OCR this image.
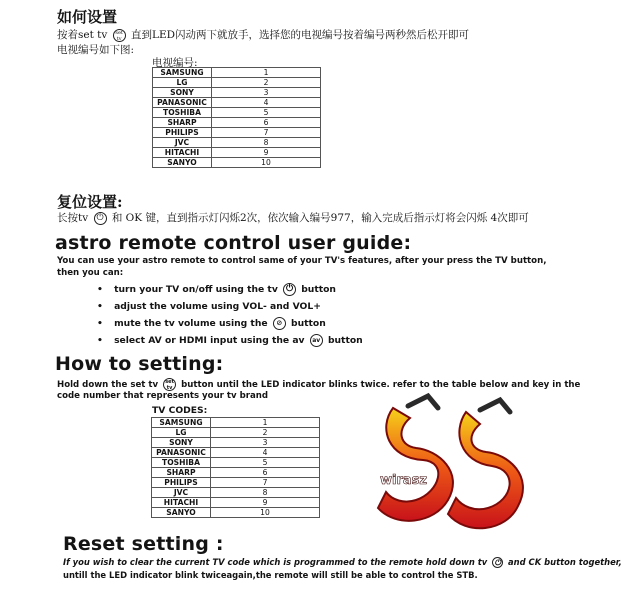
如何设置
按着set tv set
tv 直到LED闪动两下就放手，选择您的电视编号按着编号两秒然后松开即可
电视编号如下图:
电视编号:
SAMSUNG	1
LG	2
SONY	3
PANASONIC	4
TOSHIBA	5
SHARP	6
PHILIPS	7
JVC	8
HITACHI	9
SANYO	10
复位设置:
长按tv ⏻ 和 OK 键，直到指示灯闪烁2次，依次输入编号977，输入完成后指示灯将会闪烁 4次即可
astro remote control user guide:
You can use your astro remote to control same of your TV's features, after your press the TV button,
then you can:
• turn your TV on/off using the tv ⏻ button
• adjust the volume using VOL- and VOL+
• mute the tv volume using the ⊘ button
• select AV or HDMI input using the av av button
How to setting:
Hold down the set tv set
tv button until the LED indicator blinks twice. refer to the table below and key in the
code number that represents your tv brand
TV CODES:
SAMSUNG	1
LG	2
SONY	3
PANASONIC	4
TOSHIBA	5
SHARP	6
PHILIPS	7
JVC	8
HITACHI	9
SANYO	10
wirasz
Reset setting :
If you wish to clear the current TV code which is programmed to the remote hold down tv ⏻ and CK button together,
untill the LED indicator blink twiceagain,the remote will still be able to control the STB.
